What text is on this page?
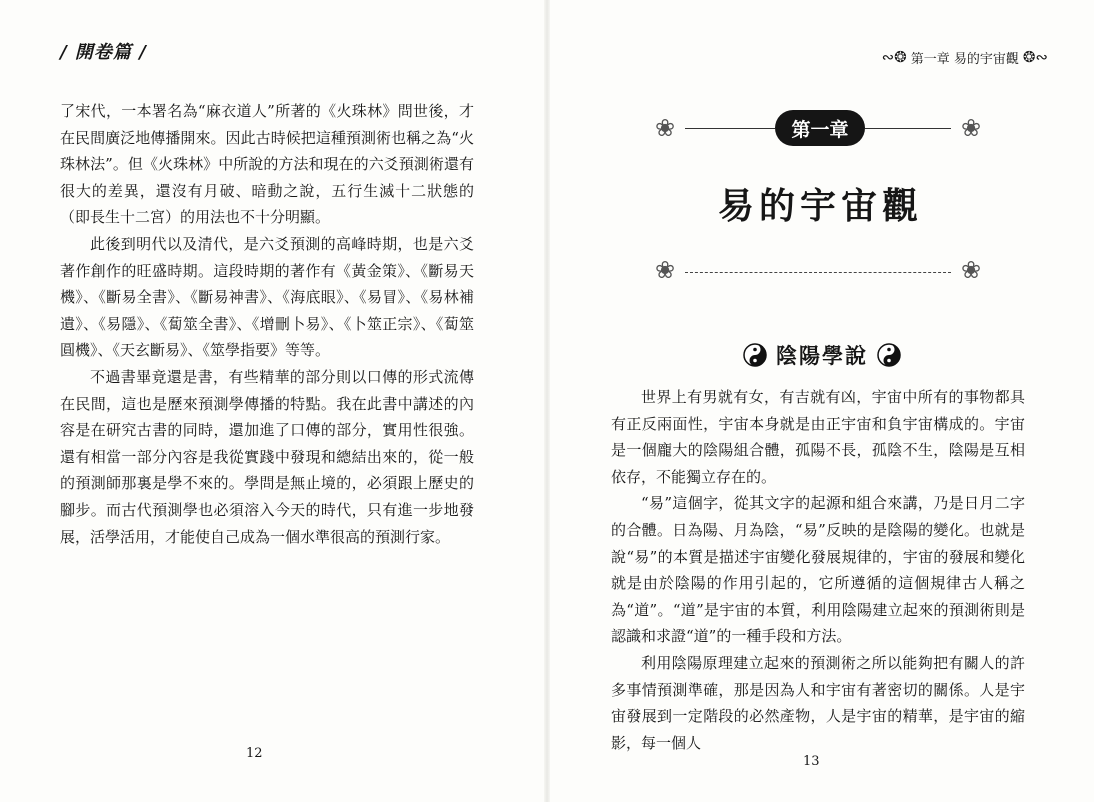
/ 開卷篇 /

了宋代，一本署名為“麻衣道人”所著的《火珠林》問世後，才在民間廣泛地傳播開來。因此古時候把這種預測術也稱之為“火珠林法”。但《火珠林》中所說的方法和現在的六爻預測術還有很大的差異，還沒有月破、暗動之說，五行生滅十二狀態的（即長生十二宮）的用法也不十分明顯。

此後到明代以及清代，是六爻預測的高峰時期，也是六爻著作創作的旺盛時期。這段時期的著作有《黃金策》、《斷易天機》、《斷易全書》、《斷易神書》、《海底眼》、《易冒》、《易林補遺》、《易隱》、《蔔筮全書》、《增刪卜易》、《卜筮正宗》、《蔔筮圓機》、《天玄斷易》、《筮學指要》等等。

不過書畢竟還是書，有些精華的部分則以口傳的形式流傳在民間，這也是歷來預測學傳播的特點。我在此書中講述的內容是在研究古書的同時，還加進了口傳的部分，實用性很強。還有相當一部分內容是我從實踐中發現和總結出來的，從一般的預測師那裏是學不來的。學問是無止境的，必須跟上歷史的腳步。而古代預測學也必須溶入今天的時代，只有進一步地發展，活學活用，才能使自己成為一個水準很高的預測行家。

12
∾❂ 第一章 易的宇宙觀 ❂∾
❀	第一章	❀
易的宇宙觀
❀	❀
陰陽學說

世界上有男就有女，有吉就有凶，宇宙中所有的事物都具有正反兩面性，宇宙本身就是由正宇宙和負宇宙構成的。宇宙是一個龐大的陰陽組合體，孤陽不長，孤陰不生，陰陽是互相依存，不能獨立存在的。

“易”這個字，從其文字的起源和組合來講，乃是日月二字的合體。日為陽、月為陰，“易”反映的是陰陽的變化。也就是說“易”的本質是描述宇宙變化發展規律的，宇宙的發展和變化就是由於陰陽的作用引起的，它所遵循的這個規律古人稱之為“道”。“道”是宇宙的本質，利用陰陽建立起來的預測術則是認識和求證“道”的一種手段和方法。

利用陰陽原理建立起來的預測術之所以能夠把有關人的許多事情預測準確，那是因為人和宇宙有著密切的關係。人是宇宙發展到一定階段的必然產物，人是宇宙的精華，是宇宙的縮影，每一個人

13
